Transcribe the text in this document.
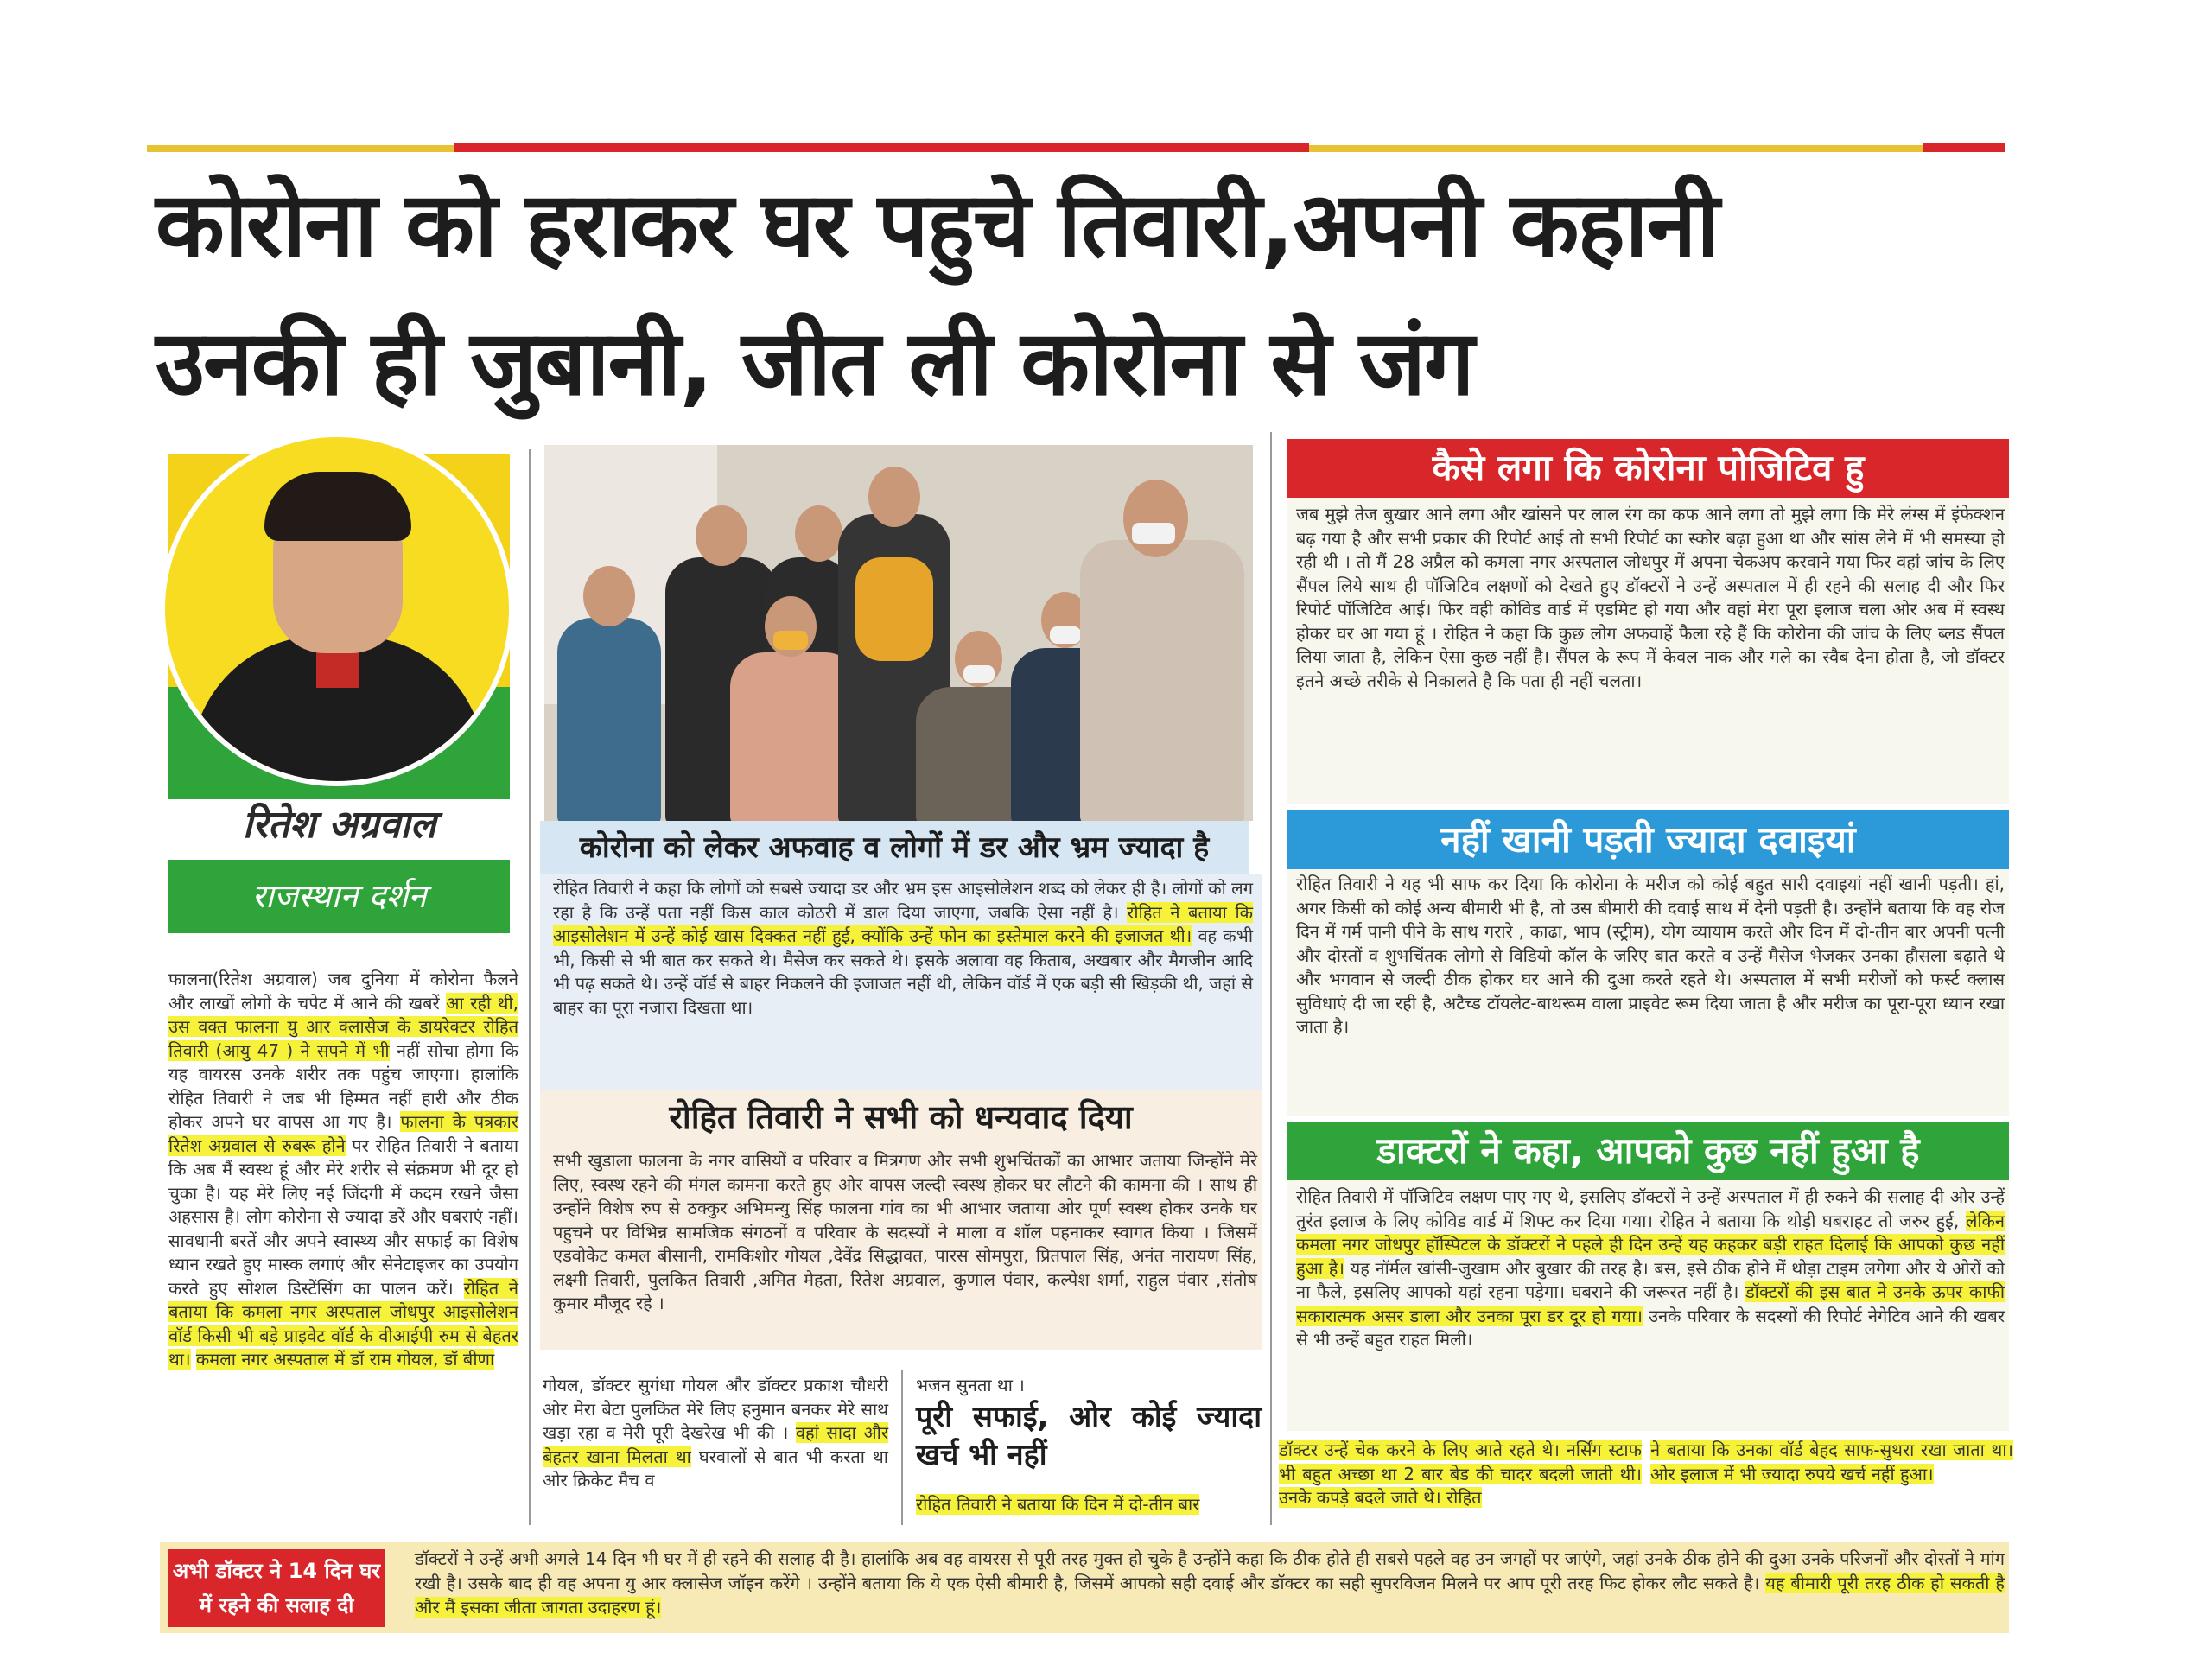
कोरोना को हराकर घर पहुचे तिवारी,अपनी कहानी
उनकी ही जुबानी, जीत ली कोरोना से जंग
रितेश अग्रवाल
राजस्थान दर्शन
फालना(रितेश अग्रवाल) जब दुनिया में कोरोना फैलने और लाखों लोगों के चपेट में आने की खबरें आ रही थी, उस वक्त फालना यु आर क्लासेज के डायरेक्टर रोहित तिवारी (आयु 47 ) ने सपने में भी नहीं सोचा होगा कि यह वायरस उनके शरीर तक पहुंच जाएगा। हालांकि रोहित तिवारी ने जब भी हिम्मत नहीं हारी और ठीक होकर अपने घर वापस आ गए है। फालना के पत्रकार रितेश अग्रवाल से रुबरू होने पर रोहित तिवारी ने बताया कि अब मैं स्वस्थ हूं और मेरे शरीर से संक्रमण भी दूर हो चुका है। यह मेरे लिए नई जिंदगी में कदम रखने जैसा अहसास है। लोग कोरोना से ज्यादा डरें और घबराएं नहीं। सावधानी बरतें और अपने स्वास्थ्य और सफाई का विशेष ध्यान रखते हुए मास्क लगाएं और सेनेटाइजर का उपयोग करते हुए सोशल डिस्टेंसिंग का पालन करें। रोहित ने बताया कि कमला नगर अस्पताल जोधपुर आइसोलेशन वॉर्ड किसी भी बड़े प्राइवेट वॉर्ड के वीआईपी रुम से बेहतर था। कमला नगर अस्पताल में डॉ राम गोयल, डॉ बीणा
कोरोना को लेकर अफवाह व लोगों में डर और भ्रम ज्यादा है
रोहित तिवारी ने कहा कि लोगों को सबसे ज्यादा डर और भ्रम इस आइसोलेशन शब्द को लेकर ही है। लोगों को लग रहा है कि उन्हें पता नहीं किस काल कोठरी में डाल दिया जाएगा, जबकि ऐसा नहीं है। रोहित ने बताया कि आइसोलेशन में उन्हें कोई खास दिक्कत नहीं हुई, क्योंकि उन्हें फोन का इस्तेमाल करने की इजाजत थी। वह कभी भी, किसी से भी बात कर सकते थे। मैसेज कर सकते थे। इसके अलावा वह किताब, अखबार और मैगजीन आदि भी पढ़ सकते थे। उन्हें वॉर्ड से बाहर निकलने की इजाजत नहीं थी, लेकिन वॉर्ड में एक बड़ी सी खिड़की थी, जहां से बाहर का पूरा नजारा दिखता था।
रोहित तिवारी ने सभी को धन्यवाद दिया
सभी खुडाला फालना के नगर वासियों व परिवार व मित्रगण और सभी शुभचिंतकों का आभार जताया जिन्होंने मेरे लिए, स्वस्थ रहने की मंगल कामना करते हुए ओर वापस जल्दी स्वस्थ होकर घर लौटने की कामना की । साथ ही उन्होंने विशेष रुप से ठक्कुर अभिमन्यु सिंह फालना गांव का भी आभार जताया ओर पूर्ण स्वस्थ होकर उनके घर पहुचने पर विभिन्न सामजिक संगठनों व परिवार के सदस्यों ने माला व शॉल पहनाकर स्वागत किया । जिसमें एडवोकेट कमल बीसानी, रामकिशोर गोयल ,देवेंद्र सिद्धावत, पारस सोमपुरा, प्रितपाल सिंह, अनंत नारायण सिंह, लक्ष्मी तिवारी, पुलकित तिवारी ,अमित मेहता, रितेश अग्रवाल, कुणाल पंवार, कल्पेश शर्मा, राहुल पंवार ,संतोष कुमार मौजूद रहे ।
गोयल, डॉक्टर सुगंधा गोयल और डॉक्टर प्रकाश चौधरी ओर मेरा बेटा पुलकित मेरे लिए हनुमान बनकर मेरे साथ खड़ा रहा व मेरी पूरी देखरेख भी की । वहां सादा और बेहतर खाना मिलता था घरवालों से बात भी करता था ओर क्रिकेट मैच व
भजन सुनता था ।
पूरी सफाई, ओर कोई ज्यादा खर्च भी नहीं
रोहित तिवारी ने बताया कि दिन में दो-तीन बार
कैसे लगा कि कोरोना पोजिटिव हु
जब मुझे तेज बुखार आने लगा और खांसने पर लाल रंग का कफ आने लगा तो मुझे लगा कि मेरे लंग्स में इंफेक्शन बढ़ गया है और सभी प्रकार की रिपोर्ट आई तो सभी रिपोर्ट का स्कोर बढ़ा हुआ था और सांस लेने में भी समस्या हो रही थी । तो मैं 28 अप्रैल को कमला नगर अस्पताल जोधपुर में अपना चेकअप करवाने गया फिर वहां जांच के लिए सैंपल लिये साथ ही पॉजिटिव लक्षणों को देखते हुए डॉक्टरों ने उन्हें अस्पताल में ही रहने की सलाह दी और फिर रिपोर्ट पॉजिटिव आई। फिर वही कोविड वार्ड में एडमिट हो गया और वहां मेरा पूरा इलाज चला ओर अब में स्वस्थ होकर घर आ गया हूं । रोहित ने कहा कि कुछ लोग अफवाहें फैला रहे हैं कि कोरोना की जांच के लिए ब्लड सैंपल लिया जाता है, लेकिन ऐसा कुछ नहीं है। सैंपल के रूप में केवल नाक और गले का स्वैब देना होता है, जो डॉक्टर इतने अच्छे तरीके से निकालते है कि पता ही नहीं चलता।
नहीं खानी पड़ती ज्यादा दवाइयां
रोहित तिवारी ने यह भी साफ कर दिया कि कोरोना के मरीज को कोई बहुत सारी दवाइयां नहीं खानी पड़ती। हां, अगर किसी को कोई अन्य बीमारी भी है, तो उस बीमारी की दवाई साथ में देनी पड़ती है। उन्होंने बताया कि वह रोज दिन में गर्म पानी पीने के साथ गरारे , काढा, भाप (स्ट्रीम), योग व्यायाम करते और दिन में दो-तीन बार अपनी पत्नी और दोस्तों व शुभचिंतक लोगो से विडियो कॉल के जरिए बात करते व उन्हें मैसेज भेजकर उनका हौसला बढ़ाते थे और भगवान से जल्दी ठीक होकर घर आने की दुआ करते रहते थे। अस्पताल में सभी मरीजों को फर्स्ट क्लास सुविधाएं दी जा रही है, अटैच्ड टॉयलेट-बाथरूम वाला प्राइवेट रूम दिया जाता है और मरीज का पूरा-पूरा ध्यान रखा जाता है।
डाक्टरों ने कहा, आपको कुछ नहीं हुआ है
रोहित तिवारी में पॉजिटिव लक्षण पाए गए थे, इसलिए डॉक्टरों ने उन्हें अस्पताल में ही रुकने की सलाह दी ओर उन्हें तुरंत इलाज के लिए कोविड वार्ड में शिफ्ट कर दिया गया। रोहित ने बताया कि थोड़ी घबराहट तो जरुर हुई, लेकिन कमला नगर जोधपुर हॉस्पिटल के डॉक्टरों ने पहले ही दिन उन्हें यह कहकर बड़ी राहत दिलाई कि आपको कुछ नहीं हुआ है। यह नॉर्मल खांसी-जुखाम और बुखार की तरह है। बस, इसे ठीक होने में थोड़ा टाइम लगेगा और ये ओरों को ना फैले, इसलिए आपको यहां रहना पड़ेगा। घबराने की जरूरत नहीं है। डॉक्टरों की इस बात ने उनके ऊपर काफी सकारात्मक असर डाला और उनका पूरा डर दूर हो गया। उनके परिवार के सदस्यों की रिपोर्ट नेगेटिव आने की खबर से भी उन्हें बहुत राहत मिली।
डॉक्टर उन्हें चेक करने के लिए आते रहते थे। नर्सिंग स्टाफ भी बहुत अच्छा था 2 बार बेड की चादर बदली जाती थी। उनके कपड़े बदले जाते थे। रोहित
ने बताया कि उनका वॉर्ड बेहद साफ-सुथरा रखा जाता था। ओर इलाज में भी ज्यादा रुपये खर्च नहीं हुआ।
अभी डॉक्टर ने 14 दिन घर में रहने की सलाह दी
डॉक्टरों ने उन्हें अभी अगले 14 दिन भी घर में ही रहने की सलाह दी है। हालांकि अब वह वायरस से पूरी तरह मुक्त हो चुके है उन्होंने कहा कि ठीक होते ही सबसे पहले वह उन जगहों पर जाएंगे, जहां उनके ठीक होने की दुआ उनके परिजनों और दोस्तों ने मांग रखी है। उसके बाद ही वह अपना यु आर क्लासेज जॉइन करेंगे । उन्होंने बताया कि ये एक ऐसी बीमारी है, जिसमें आपको सही दवाई और डॉक्टर का सही सुपरविजन मिलने पर आप पूरी तरह फिट होकर लौट सकते है। यह बीमारी पूरी तरह ठीक हो सकती है और मैं इसका जीता जागता उदाहरण हूं।
